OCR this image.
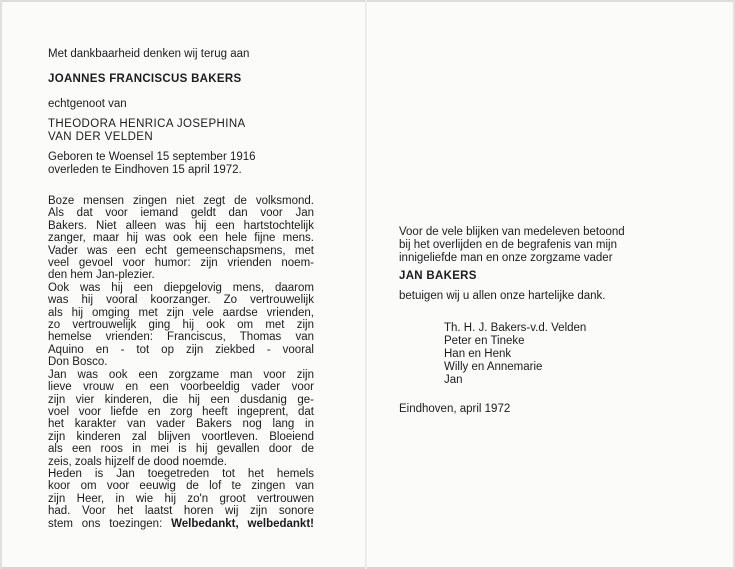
Met dankbaarheid denken wij terug aan

JOANNES FRANCISCUS BAKERS

echtgenoot van

THEODORA HENRICA JOSEPHINA

VAN DER VELDEN

Geboren te Woensel 15 september 1916

overleden te Eindhoven 15 april 1972.

Boze mensen zingen niet zegt de volksmond.
Als dat voor iemand geldt dan voor Jan
Bakers. Niet alleen was hij een hartstochtelijk
zanger, maar hij was ook een hele fijne mens.
Vader was een echt gemeenschapsmens, met
veel gevoel voor humor: zijn vrienden noem-
den hem Jan-plezier.
Ook was hij een diepgelovig mens, daarom
was hij vooral koorzanger. Zo vertrouwelijk
als hij omging met zijn vele aardse vrienden,
zo vertrouwelijk ging hij ook om met zijn
hemelse vrienden: Franciscus, Thomas van
Aquino en - tot op zijn ziekbed - vooral
Don Bosco.
Jan was ook een zorgzame man voor zijn
lieve vrouw en een voorbeeldig vader voor
zijn vier kinderen, die hij een dusdanig ge-
voel voor liefde en zorg heeft ingeprent, dat
het karakter van vader Bakers nog lang in
zijn kinderen zal blijven voortleven. Bloeiend
als een roos in mei is hij gevallen door de
zeis, zoals hijzelf de dood noemde.
Heden is Jan toegetreden tot het hemels
koor om voor eeuwig de lof te zingen van
zijn Heer, in wie hij zo'n groot vertrouwen
had. Voor het laatst horen wij zijn sonore
stem ons toezingen: Welbedankt, welbedankt!

Voor de vele blijken van medeleven betoond

bij het overlijden en de begrafenis van mijn

innigeliefde man en onze zorgzame vader

JAN BAKERS

betuigen wij u allen onze hartelijke dank.

Th. H. J. Bakers-v.d. Velden

Peter en Tineke

Han en Henk

Willy en Annemarie

Jan

Eindhoven, april 1972
